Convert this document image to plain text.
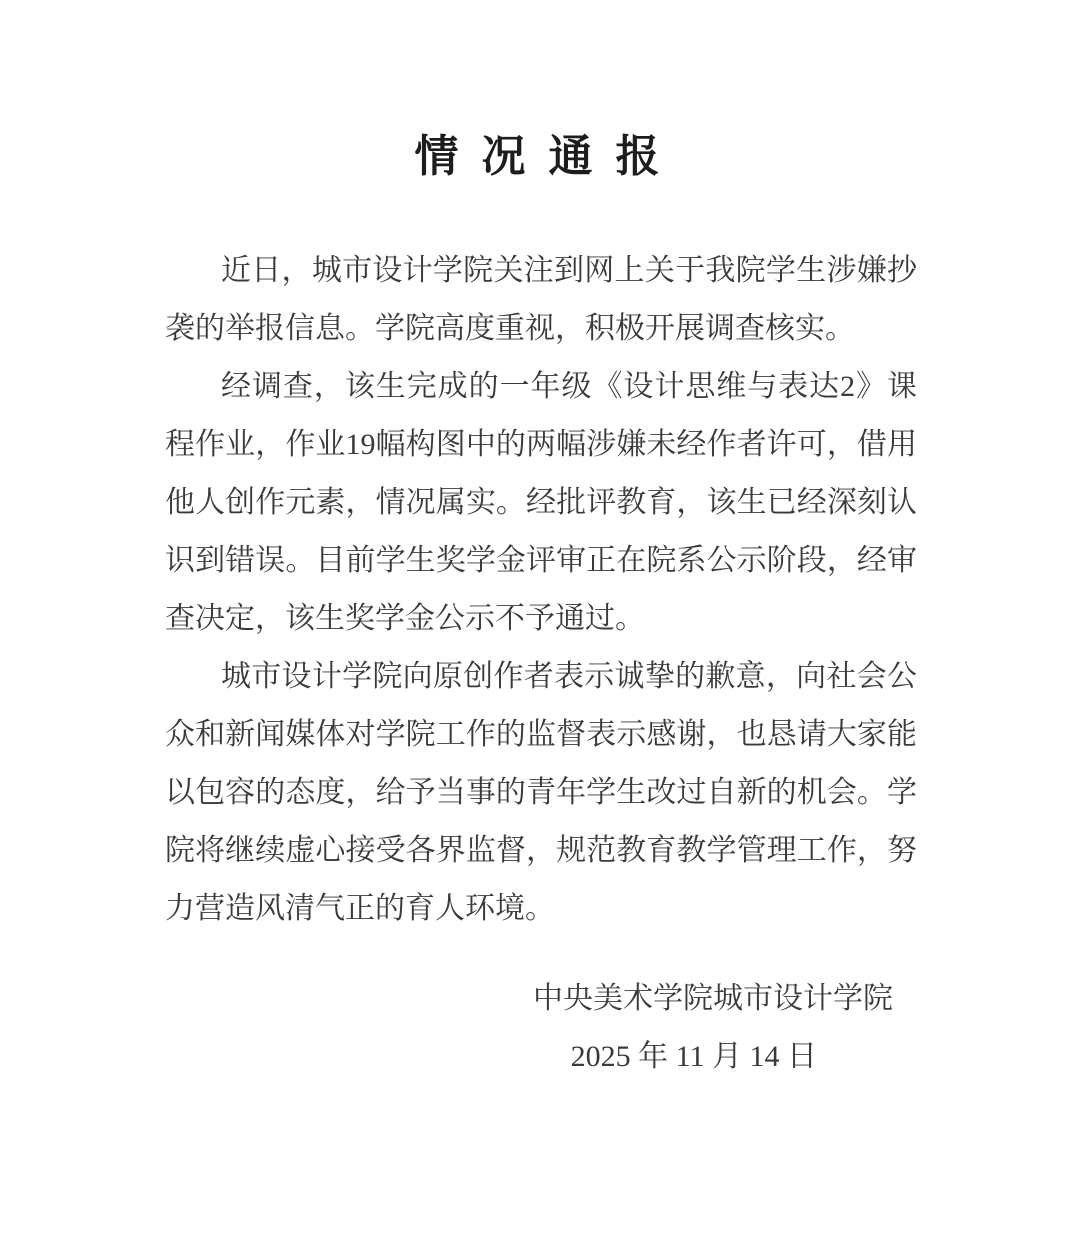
情 况 通 报

近日，城市设计学院关注到网上关于我院学生涉嫌抄袭的举报信息。学院高度重视，积极开展调查核实。

经调查，该生完成的一年级《设计思维与表达2》课程作业，作业19幅构图中的两幅涉嫌未经作者许可，借用他人创作元素，情况属实。经批评教育，该生已经深刻认识到错误。目前学生奖学金评审正在院系公示阶段，经审查决定，该生奖学金公示不予通过。

城市设计学院向原创作者表示诚挚的歉意，向社会公众和新闻媒体对学院工作的监督表示感谢，也恳请大家能以包容的态度，给予当事的青年学生改过自新的机会。学院将继续虚心接受各界监督，规范教育教学管理工作，努力营造风清气正的育人环境。

中央美术学院城市设计学院
2025 年 11 月 14 日
